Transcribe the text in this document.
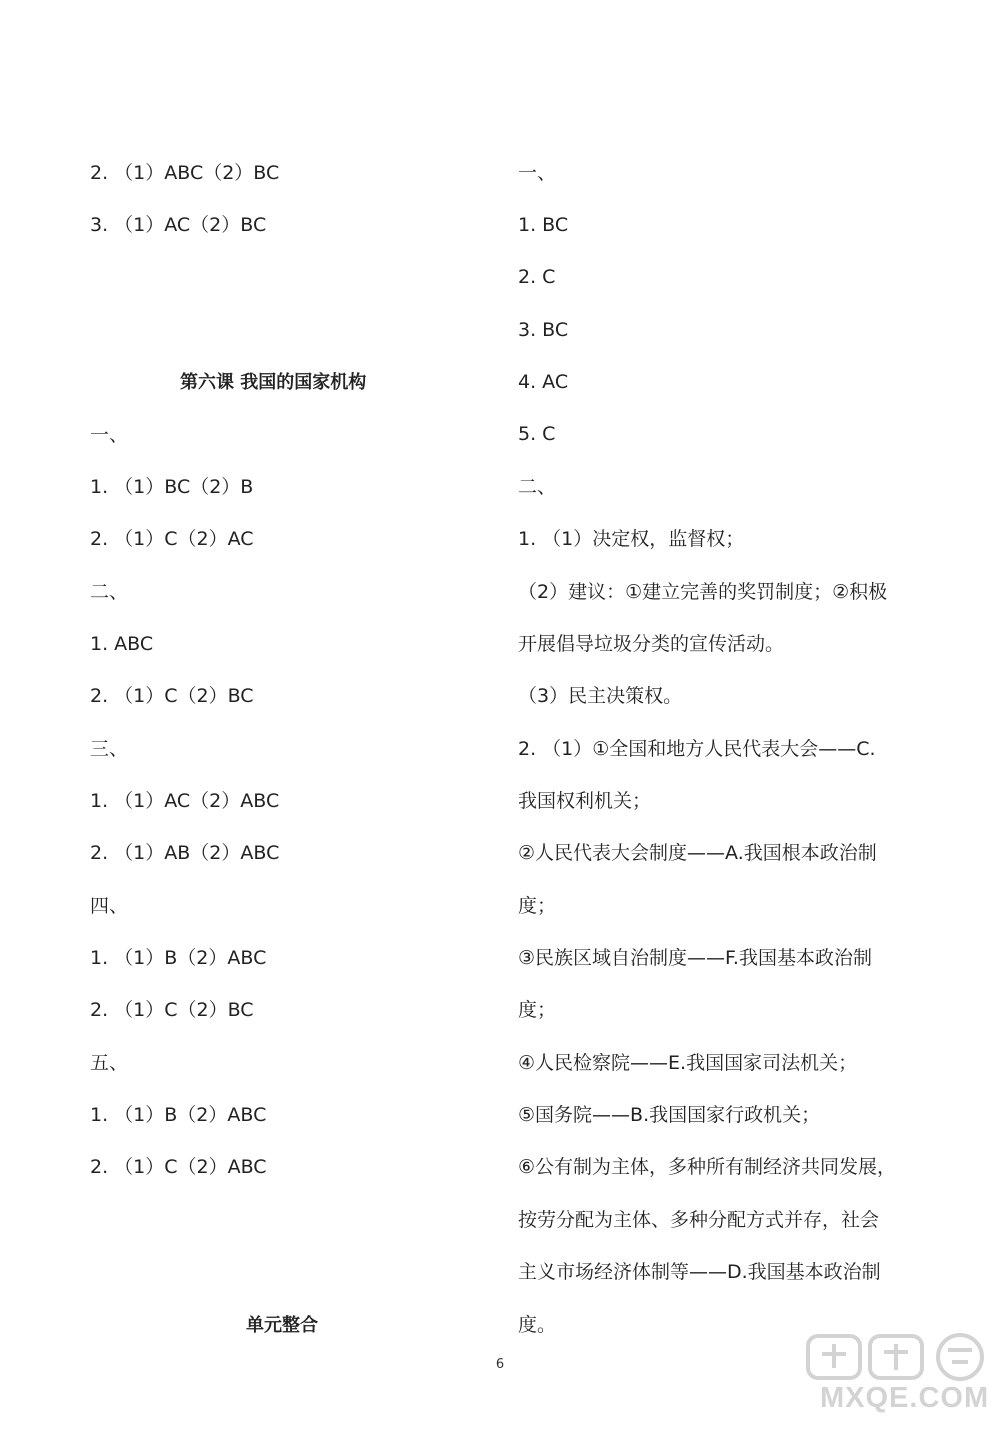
2. （1）ABC（2）BC
3. （1）AC（2）BC
第六课 我国的国家机构
一、
1. （1）BC（2）B
2. （1）C（2）AC
二、
1. ABC
2. （1）C（2）BC
三、
1. （1）AC（2）ABC
2. （1）AB（2）ABC
四、
1. （1）B（2）ABC
2. （1）C（2）BC
五、
1. （1）B（2）ABC
2. （1）C（2）ABC
单元整合
一、
1. BC
2. C
3. BC
4. AC
5. C
二、
1. （1）决定权，监督权；
（2）建议：①建立完善的奖罚制度；②积极
开展倡导垃圾分类的宣传活动。
（3）民主决策权。
2. （1）①全国和地方人民代表大会——C.
我国权利机关；
②人民代表大会制度——A.我国根本政治制
度；
③民族区域自治制度——F.我国基本政治制
度；
④人民检察院——E.我国国家司法机关；
⑤国务院——B.我国国家行政机关；
⑥公有制为主体，多种所有制经济共同发展，
按劳分配为主体、多种分配方式并存，社会
主义市场经济体制等——D.我国基本政治制
度。
6
MXQE.COM
